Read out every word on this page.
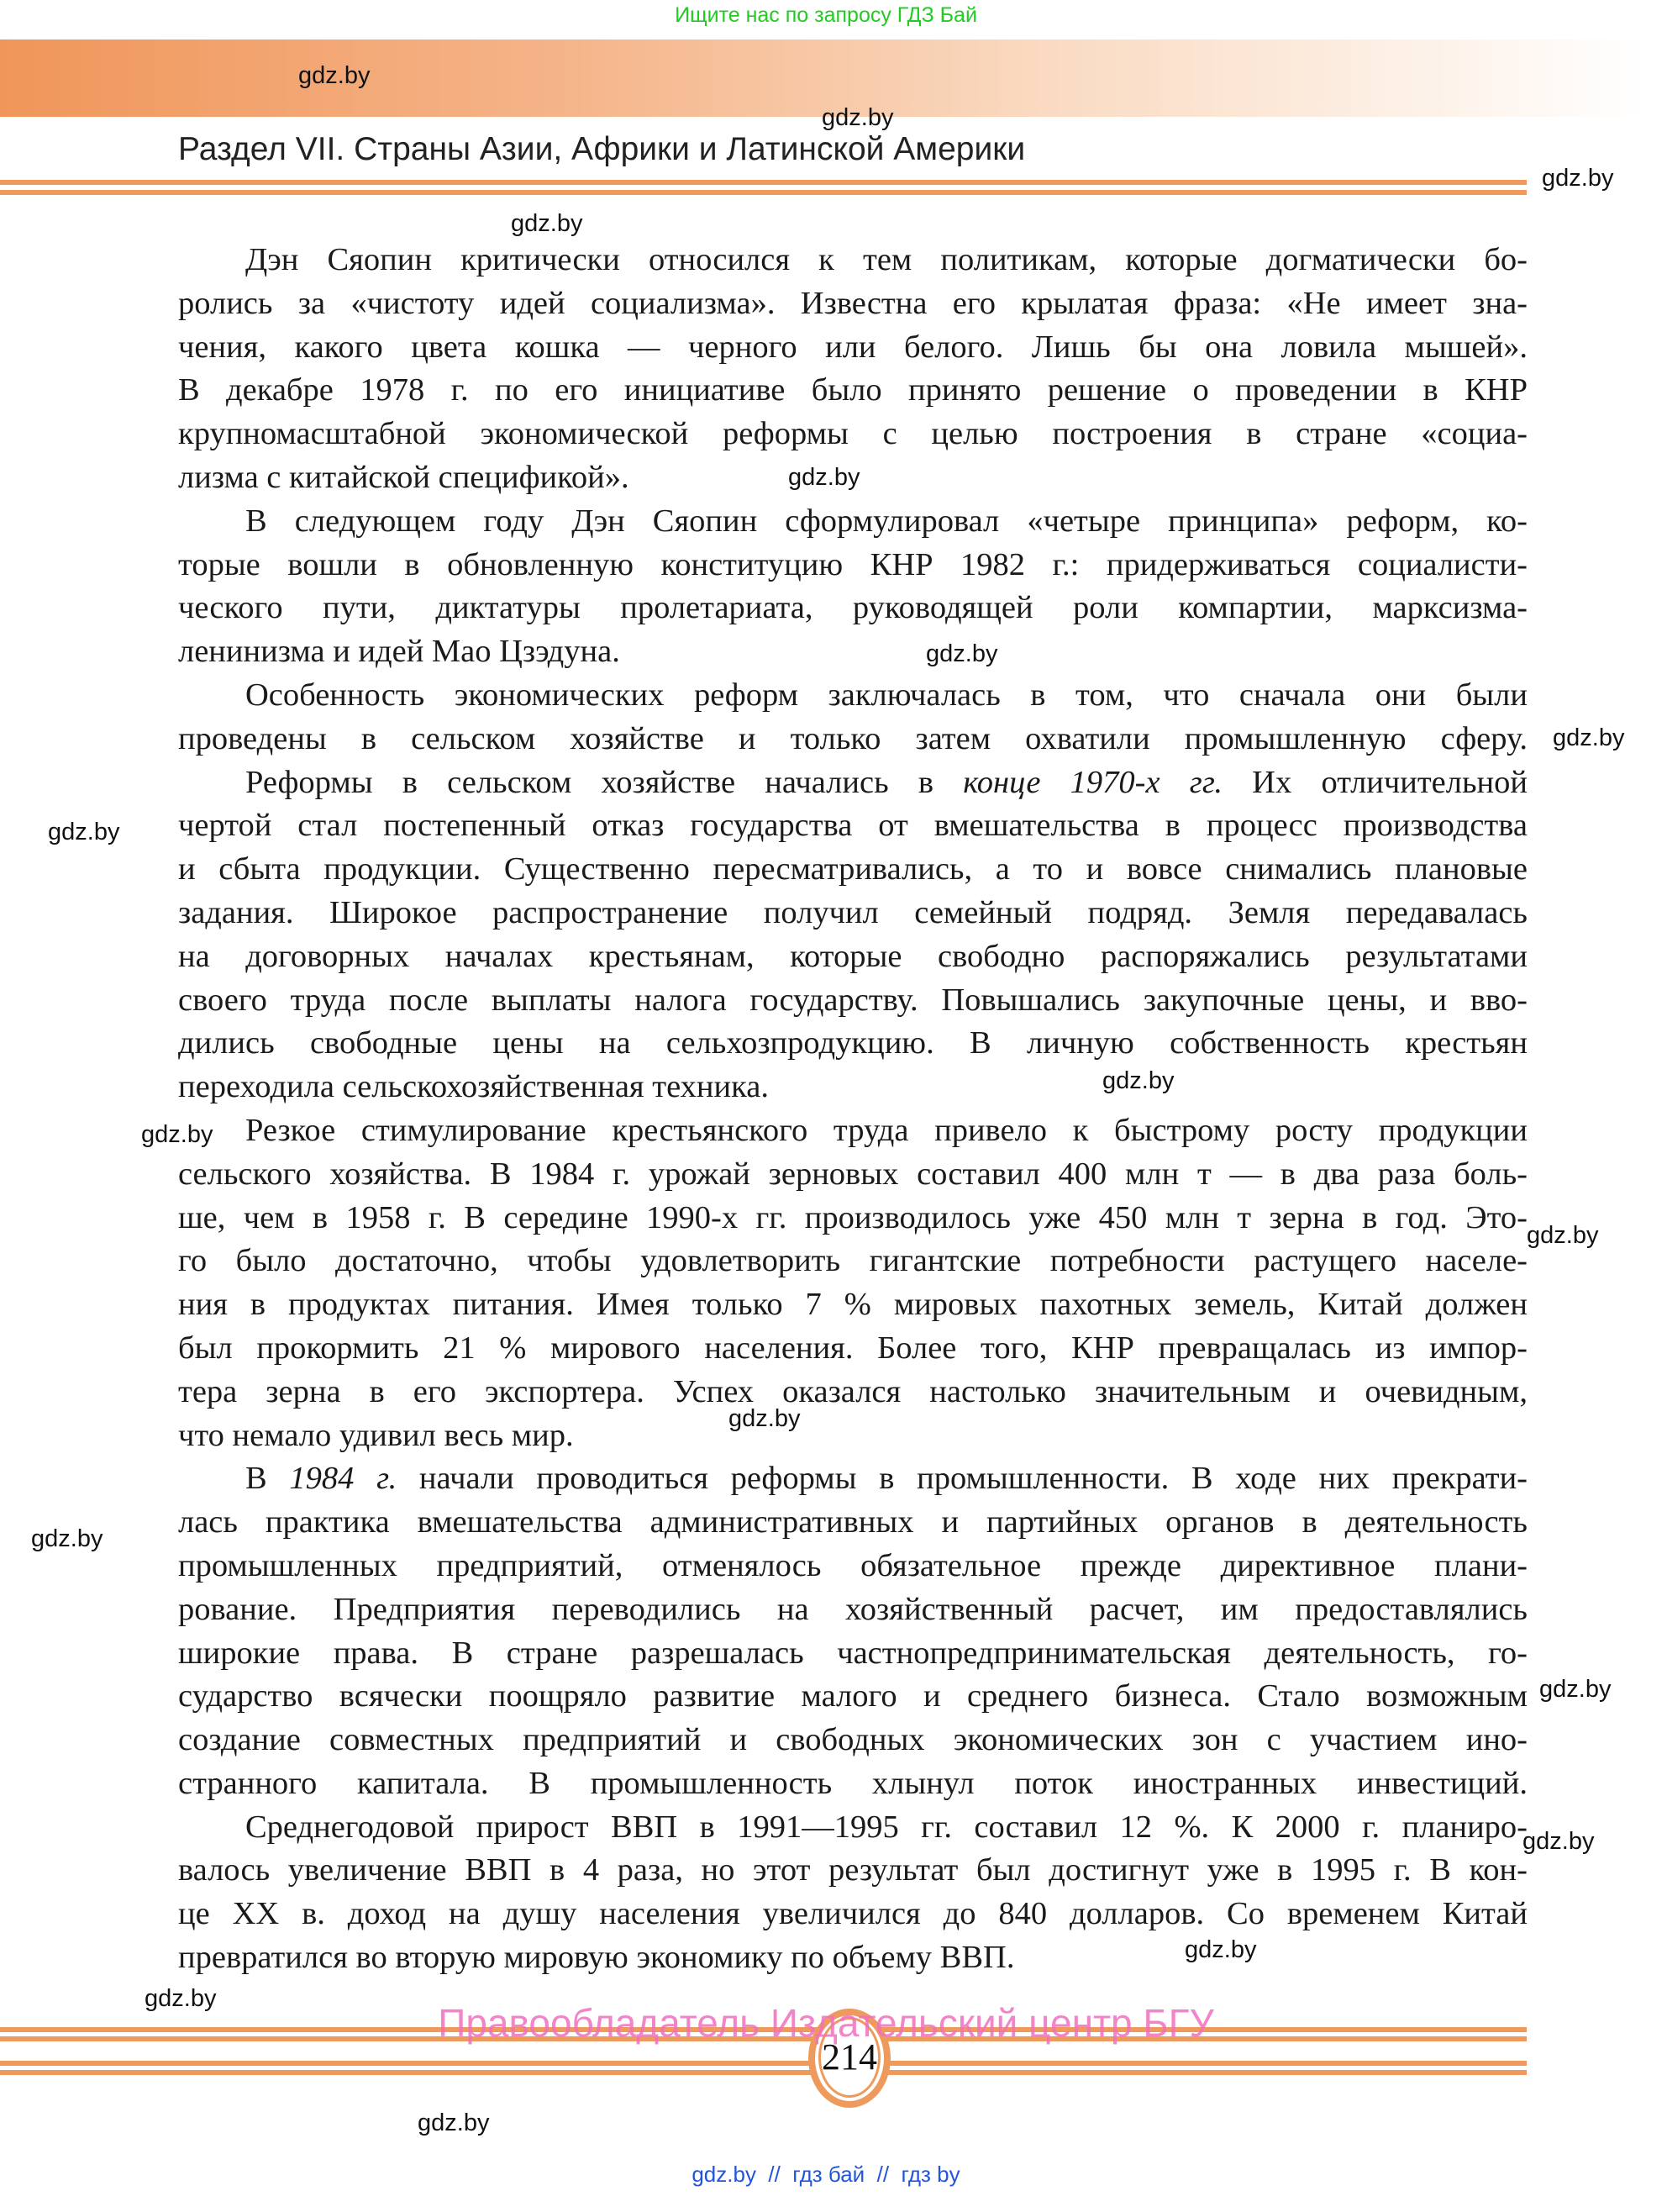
Ищите нас по запросу ГДЗ Бай
Раздел VII. Страны Азии, Африки и Латинской Америки
Дэн Сяопин критически относился к тем политикам, которые догматически бо-
ролись за «чистоту идей социализма». Известна его крылатая фраза: «Не имеет зна-
чения, какого цвета кошка — черного или белого. Лишь бы она ловила мышей».
В декабре 1978 г. по его инициативе было принято решение о проведении в КНР
крупномасштабной экономической реформы с целью построения в стране «социа-
лизма с китайской спецификой».
В следующем году Дэн Сяопин сформулировал «четыре принципа» реформ, ко-
торые вошли в обновленную конституцию КНР 1982 г.: придерживаться социалисти-
ческого пути, диктатуры пролетариата, руководящей роли компартии, марксизма-
ленинизма и идей Мао Цзэдуна.
Особенность экономических реформ заключалась в том, что сначала они были
проведены в сельском хозяйстве и только затем охватили промышленную сферу.
Реформы в сельском хозяйстве начались в конце 1970-х гг. Их отличительной
чертой стал постепенный отказ государства от вмешательства в процесс производства
и сбыта продукции. Существенно пересматривались, а то и вовсе снимались плановые
задания. Широкое распространение получил семейный подряд. Земля передавалась
на договорных началах крестьянам, которые свободно распоряжались результатами
своего труда после выплаты налога государству. Повышались закупочные цены, и вво-
дились свободные цены на сельхозпродукцию. В личную собственность крестьян
переходила сельскохозяйственная техника.
Резкое стимулирование крестьянского труда привело к быстрому росту продукции
сельского хозяйства. В 1984 г. урожай зерновых составил 400 млн т — в два раза боль-
ше, чем в 1958 г. В середине 1990-х гг. производилось уже 450 млн т зерна в год. Это-
го было достаточно, чтобы удовлетворить гигантские потребности растущего населе-
ния в продуктах питания. Имея только 7 % мировых пахотных земель, Китай должен
был прокормить 21 % мирового населения. Более того, КНР превращалась из импор-
тера зерна в его экспортера. Успех оказался настолько значительным и очевидным,
что немало удивил весь мир.
В 1984 г. начали проводиться реформы в промышленности. В ходе них прекрати-
лась практика вмешательства административных и партийных органов в деятельность
промышленных предприятий, отменялось обязательное прежде директивное плани-
рование. Предприятия переводились на хозяйственный расчет, им предоставлялись
широкие права. В стране разрешалась частнопредпринимательская деятельность, го-
сударство всячески поощряло развитие малого и среднего бизнеса. Стало возможным
создание совместных предприятий и свободных экономических зон с участием ино-
странного капитала. В промышленность хлынул поток иностранных инвестиций.
Среднегодовой прирост ВВП в 1991—1995 гг. составил 12 %. К 2000 г. планиро-
валось увеличение ВВП в 4 раза, но этот результат был достигнут уже в 1995 г. В кон-
це XX в. доход на душу населения увеличился до 840 долларов. Со временем Китай
превратился во вторую мировую экономику по объему ВВП.
214
Правообладатель Издательский центр БГУ
gdz.by
gdz.by
gdz.by
gdz.by
gdz.by
gdz.by
gdz.by
gdz.by
gdz.by
gdz.by
gdz.by
gdz.by
gdz.by
gdz.by
gdz.by
gdz.by
gdz.by
gdz.by
gdz.by  //  гдз бай  //  гдз by
